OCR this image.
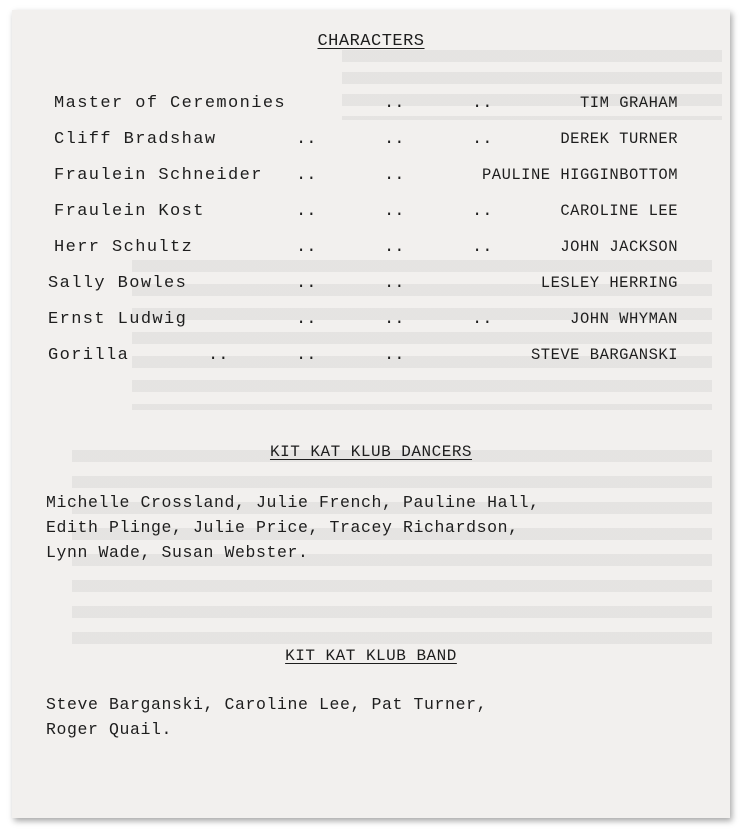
CHARACTERS
Master of Ceremonies	..	..	TIM GRAHAM
Cliff Bradshaw	..	..	..	DEREK TURNER
Fraulein Schneider ..	..	PAULINE HIGGINBOTTOM
Fraulein Kost	..	..	..	CAROLINE LEE
Herr Schultz	..	..	..	JOHN JACKSON
Sally Bowles	..	..	LESLEY HERRING
Ernst Ludwig	..	..	..	JOHN WHYMAN
Gorilla	..	..	..	STEVE BARGANSKI
KIT KAT KLUB DANCERS

Michelle Crossland, Julie French, Pauline Hall,
Edith Plinge, Julie Price, Tracey Richardson,
Lynn Wade, Susan Webster.

KIT KAT KLUB BAND

Steve Barganski, Caroline Lee, Pat Turner,
Roger Quail.
